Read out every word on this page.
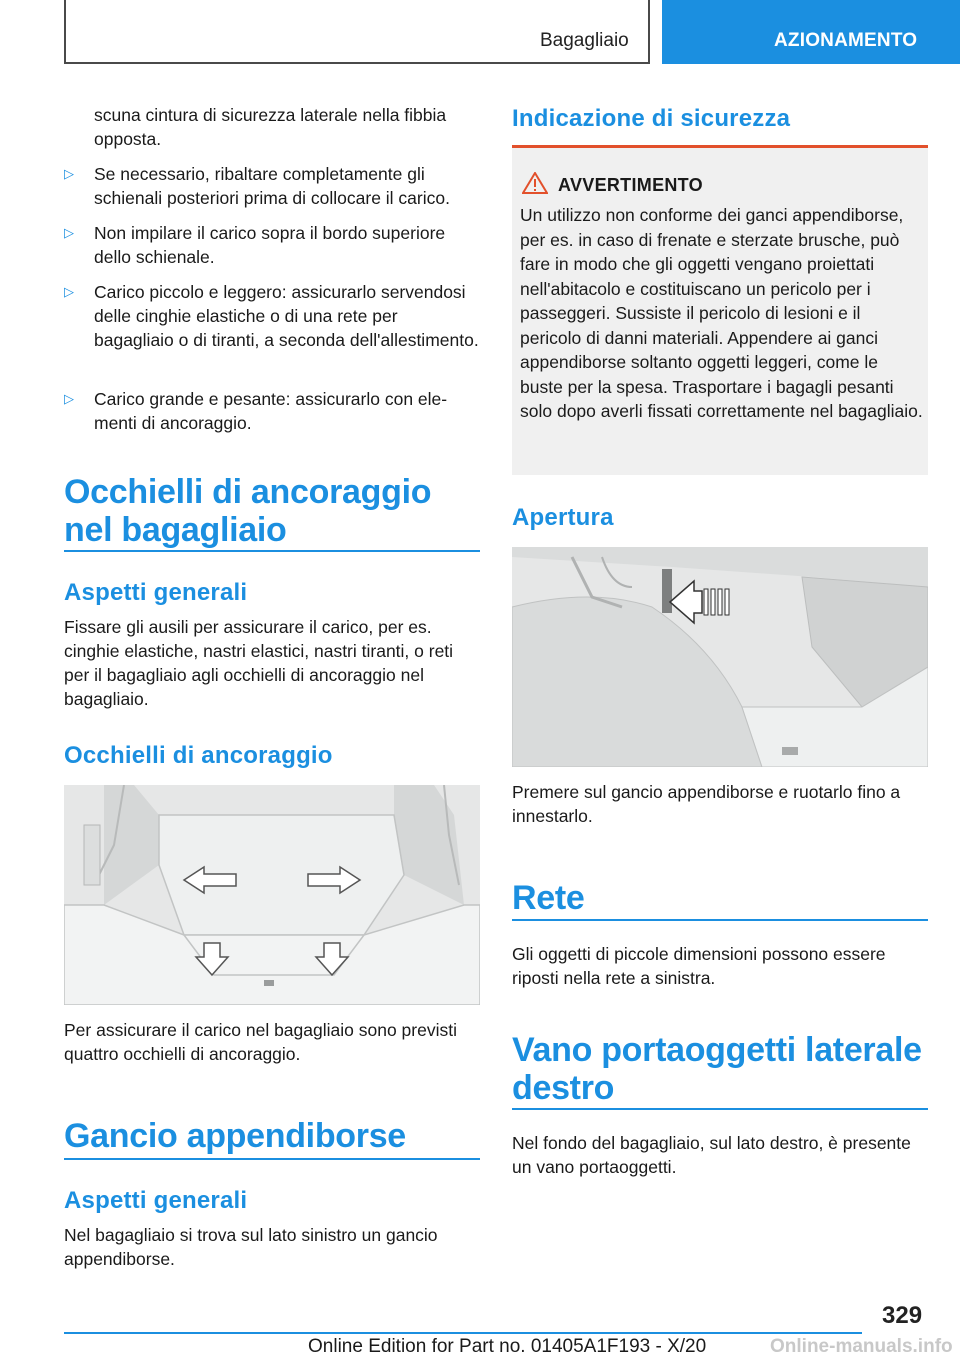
Bagagliaio	AZIONAMENTO
scuna cintura di sicurezza laterale nella fibbia opposta.
▷	Se necessario, ribaltare completamente gli schienali posteriori prima di collocare il carico.
▷	Non impilare il carico sopra il bordo superiore dello schienale.
▷	Carico piccolo e leggero: assicurarlo servendosi delle cinghie elastiche o di una rete per bagagliaio o di tiranti, a seconda dell'allestimento.
▷	Carico grande e pesante: assicurarlo con elementi di ancoraggio.
Occhielli di ancoraggio nel bagagliaio
Aspetti generali
Fissare gli ausili per assicurare il carico, per es. cinghie elastiche, nastri elastici, nastri tiranti, o reti per il bagagliaio agli occhielli di ancoraggio nel bagagliaio.
Occhielli di ancoraggio
Per assicurare il carico nel bagagliaio sono previsti quattro occhielli di ancoraggio.
Gancio appendiborse
Aspetti generali
Nel bagagliaio si trova sul lato sinistro un gancio appendiborse.
Indicazione di sicurezza
AVVERTIMENTO
Un utilizzo non conforme dei ganci appendiborse, per es. in caso di frenate e sterzate brusche, può fare in modo che gli oggetti vengano proiettati nell'abitacolo e costituiscano un pericolo per i passeggeri. Sussiste il pericolo di lesioni e il pericolo di danni materiali. Appendere ai ganci appendiborse soltanto oggetti leggeri, come le buste per la spesa. Trasportare i bagagli pesanti solo dopo averli fissati correttamente nel bagagliaio.
Apertura
Premere sul gancio appendiborse e ruotarlo fino a innestarlo.
Rete
Gli oggetti di piccole dimensioni possono essere riposti nella rete a sinistra.
Vano portaoggetti laterale destro
Nel fondo del bagagliaio, sul lato destro, è presente un vano portaoggetti.
329
Online Edition for Part no. 01405A1F193 - X/20	Online-manuals.info
